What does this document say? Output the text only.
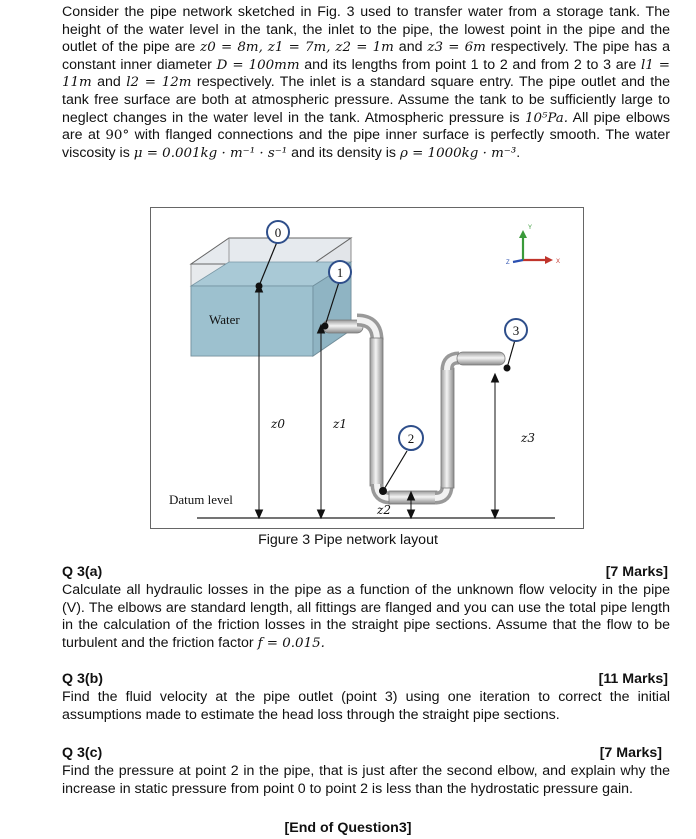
Consider the pipe network sketched in Fig. 3 used to transfer water from a storage tank. The height of the water level in the tank, the inlet to the pipe, the lowest point in the pipe and the outlet of the pipe are z0 = 8m, z1 = 7m, z2 = 1m and z3 = 6m respectively. The pipe has a constant inner diameter D = 100mm and its lengths from point 1 to 2 and from 2 to 3 are l1 = 11m and l2 = 12m respectively. The inlet is a standard square entry. The pipe outlet and the tank free surface are both at atmospheric pressure. Assume the tank to be sufficiently large to neglect changes in the water level in the tank. Atmospheric pressure is 10⁵Pa. All pipe elbows are at 90° with flanged connections and the pipe inner surface is perfectly smooth. The water viscosity is μ = 0.001kg · m⁻¹ · s⁻¹ and its density is ρ = 1000kg · m⁻³.
Water
Datum level
z0	z1
z2
z3
0
1
2
3
Y
X
Z
Figure 3 Pipe network layout
Q 3(a)	[7 Marks]
Calculate all hydraulic losses in the pipe as a function of the unknown flow velocity in the pipe (V). The elbows are standard length, all fittings are flanged and you can use the total pipe length in the calculation of the friction losses in the straight pipe sections. Assume that the flow to be turbulent and the friction factor f = 0.015.
Q 3(b)	[11 Marks]
Find the fluid velocity at the pipe outlet (point 3) using one iteration to correct the initial assumptions made to estimate the head loss through the straight pipe sections.
Q 3(c)	[7 Marks]
Find the pressure at point 2 in the pipe, that is just after the second elbow, and explain why the increase in static pressure from point 0 to point 2 is less than the hydrostatic pressure gain.
[End of Question3]
